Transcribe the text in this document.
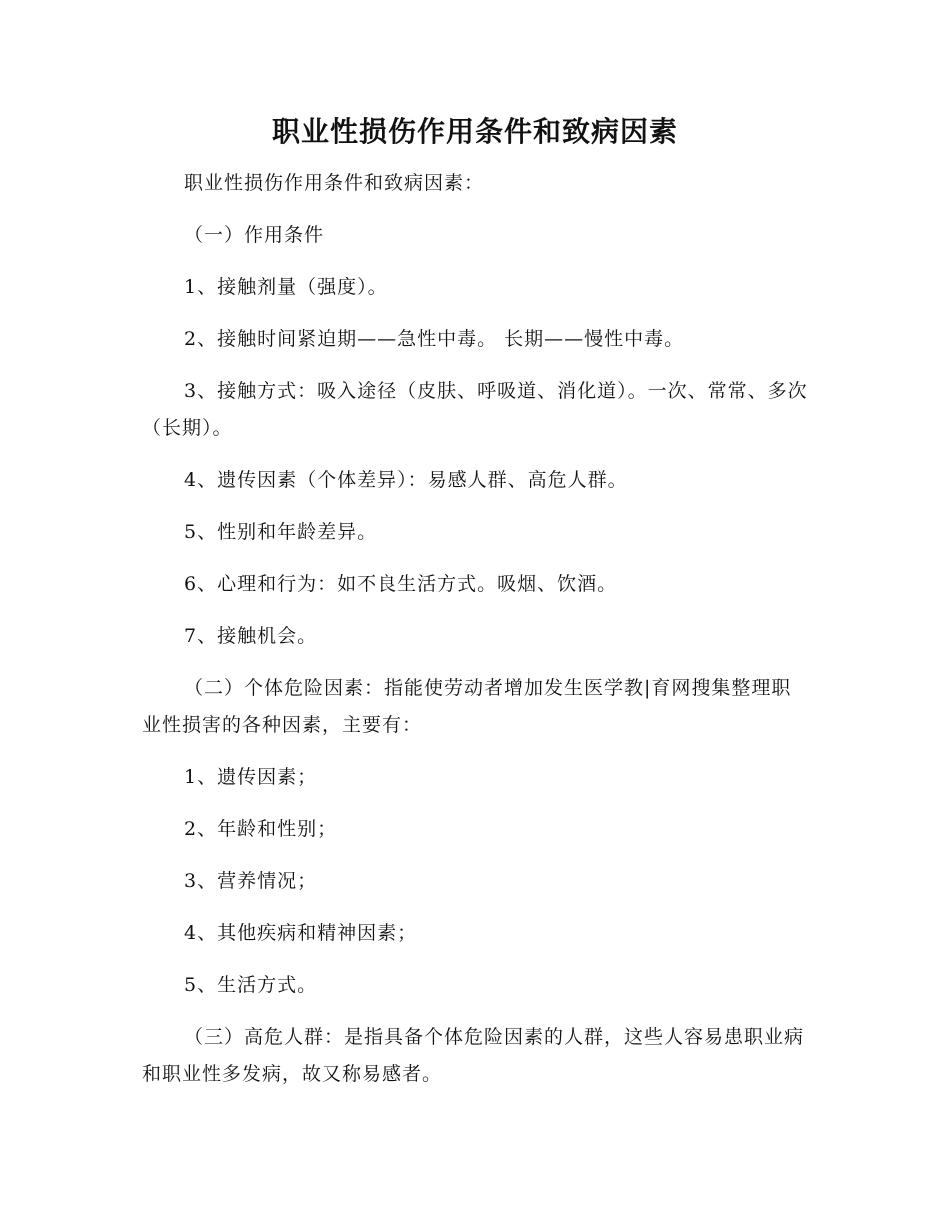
职业性损伤作用条件和致病因素

职业性损伤作用条件和致病因素：

（一）作用条件

1、接触剂量（强度）。

2、接触时间紧迫期——急性中毒。 长期——慢性中毒。

3、接触方式：吸入途径（皮肤、呼吸道、消化道）。一次、常常、多次（长期）。

4、遗传因素（个体差异）：易感人群、高危人群。

5、性别和年龄差异。

6、心理和行为：如不良生活方式。吸烟、饮酒。

7、接触机会。

（二）个体危险因素：指能使劳动者增加发生医学教|育网搜集整理职业性损害的各种因素，主要有：

1、遗传因素；

2、年龄和性别；

3、营养情况；

4、其他疾病和精神因素；

5、生活方式。

（三）高危人群：是指具备个体危险因素的人群，这些人容易患职业病和职业性多发病，故又称易感者。
